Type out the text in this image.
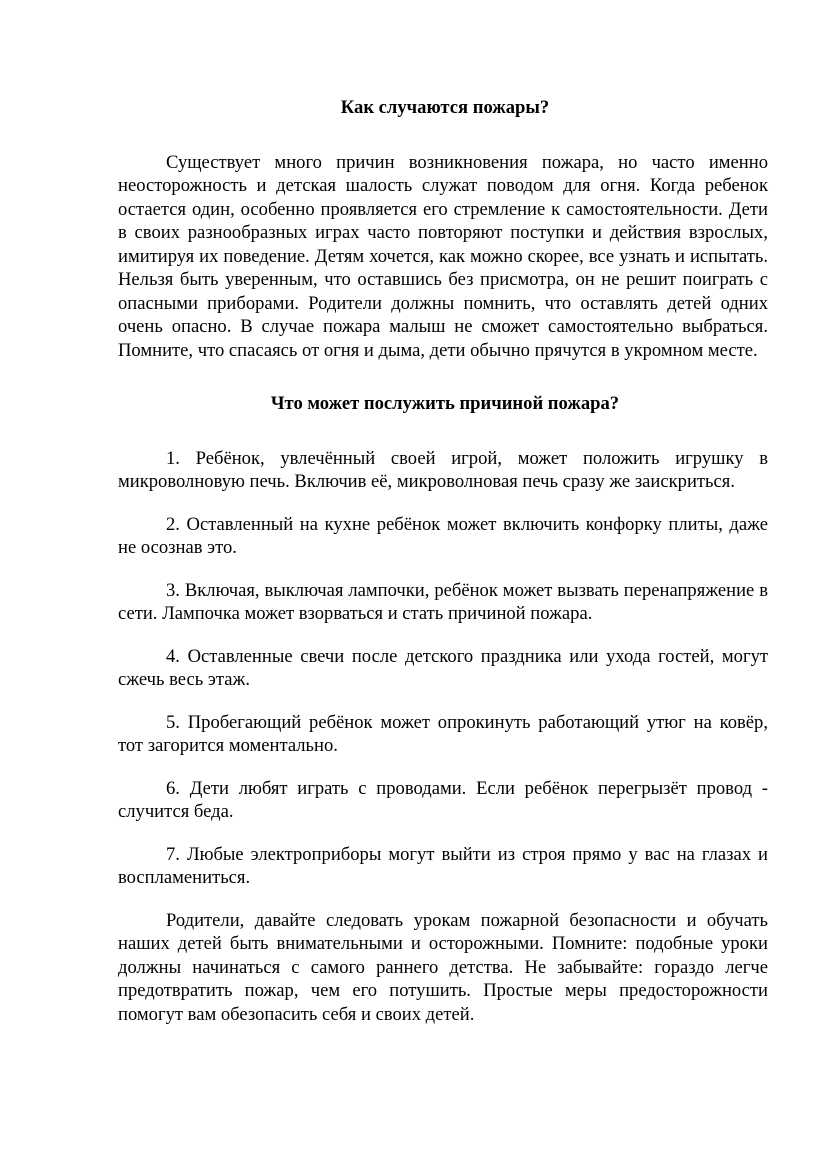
Как случаются пожары?

Существует много причин возникновения пожара, но часто именно неосторожность и детская шалость служат поводом для огня. Когда ребенок остается один, особенно проявляется его стремление к самостоятельности. Дети в своих разнообразных играх часто повторяют поступки и действия взрослых, имитируя их поведение. Детям хочется, как можно скорее, все узнать и испытать. Нельзя быть уверенным, что оставшись без присмотра, он не решит поиграть с опасными приборами. Родители должны помнить, что оставлять детей одних очень опасно. В случае пожара малыш не сможет самостоятельно выбраться. Помните, что спасаясь от огня и дыма, дети обычно прячутся в укромном месте.

Что может послужить причиной пожара?

1. Ребёнок, увлечённый своей игрой, может положить игрушку в микроволновую печь. Включив её, микроволновая печь сразу же заискриться.

2. Оставленный на кухне ребёнок может включить конфорку плиты, даже не осознав это.

3. Включая, выключая лампочки, ребёнок может вызвать перенапряжение в сети. Лампочка может взорваться и стать причиной пожара.

4. Оставленные свечи после детского праздника или ухода гостей, могут сжечь весь этаж.

5. Пробегающий ребёнок может опрокинуть работающий утюг на ковёр, тот загорится моментально.

6. Дети любят играть с проводами. Если ребёнок перегрызёт провод - случится беда.

7. Любые электроприборы могут выйти из строя прямо у вас на глазах и воспламениться.

Родители, давайте следовать урокам пожарной безопасности и обучать наших детей быть внимательными и осторожными. Помните: подобные уроки должны начинаться с самого раннего детства. Не забывайте: гораздо легче предотвратить пожар, чем его потушить. Простые меры предосторожности помогут вам обезопасить себя и своих детей.
